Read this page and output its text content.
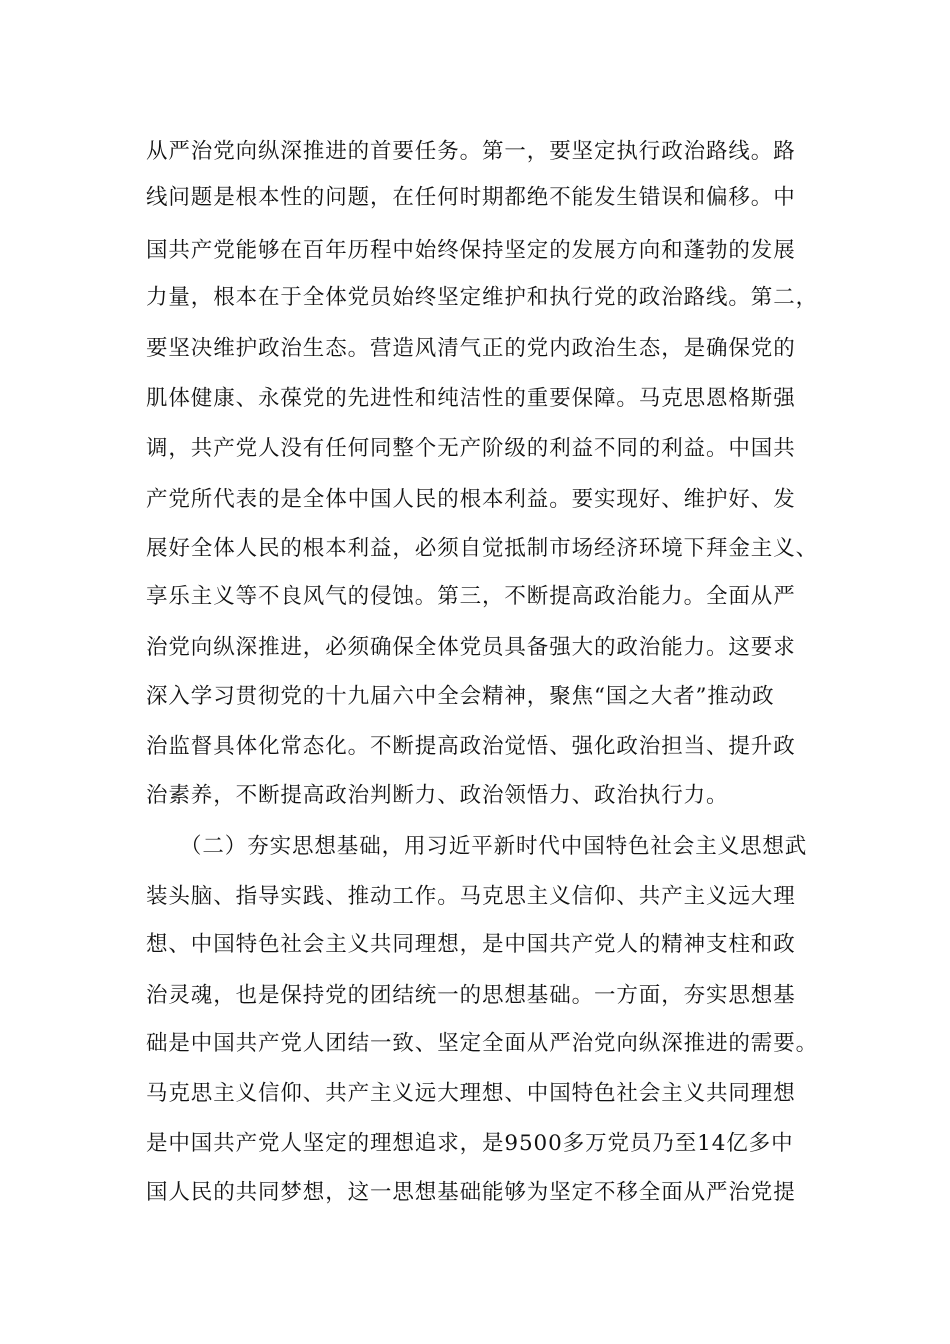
从严治党向纵深推进的首要任务。第一，要坚定执行政治路线。路
线问题是根本性的问题，在任何时期都绝不能发生错误和偏移。中
国共产党能够在百年历程中始终保持坚定的发展方向和蓬勃的发展
力量，根本在于全体党员始终坚定维护和执行党的政治路线。第二，
要坚决维护政治生态。营造风清气正的党内政治生态，是确保党的
肌体健康、永葆党的先进性和纯洁性的重要保障。马克思恩格斯强
调，共产党人没有任何同整个无产阶级的利益不同的利益。中国共
产党所代表的是全体中国人民的根本利益。要实现好、维护好、发
展好全体人民的根本利益，必须自觉抵制市场经济环境下拜金主义、
享乐主义等不良风气的侵蚀。第三，不断提高政治能力。全面从严
治党向纵深推进，必须确保全体党员具备强大的政治能力。这要求
深入学习贯彻党的十九届六中全会精神，聚焦“国之大者”推动政
治监督具体化常态化。不断提高政治觉悟、强化政治担当、提升政
治素养，不断提高政治判断力、政治领悟力、政治执行力。
（二）夯实思想基础，用习近平新时代中国特色社会主义思想武
装头脑、指导实践、推动工作。马克思主义信仰、共产主义远大理
想、中国特色社会主义共同理想，是中国共产党人的精神支柱和政
治灵魂，也是保持党的团结统一的思想基础。一方面，夯实思想基
础是中国共产党人团结一致、坚定全面从严治党向纵深推进的需要。
马克思主义信仰、共产主义远大理想、中国特色社会主义共同理想
是中国共产党人坚定的理想追求，是9500多万党员乃至14亿多中
国人民的共同梦想，这一思想基础能够为坚定不移全面从严治党提
